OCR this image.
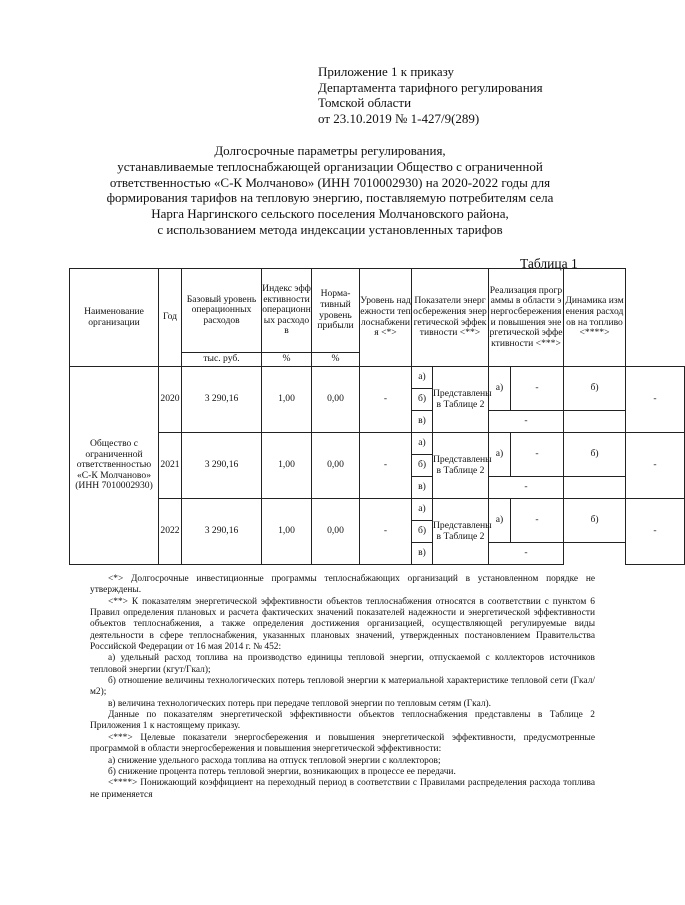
Приложение 1 к приказу
Департамента тарифного регулирования
Томской области
от 23.10.2019 № 1-427/9(289)
Долгосрочные параметры регулирования,
устанавливаемые теплоснабжающей организации Общество с ограниченной
ответственностью «С-К Молчаново» (ИНН 7010002930) на 2020-2022 годы для
формирования тарифов на тепловую энергию, поставляемую потребителям села
Нарга Наргинского сельского поселения Молчановского района,
с использованием метода индексации установленных тарифов
Таблица 1
Наименование организации	Год	Базовый уровень операционных расходов	Индекс эффективности операционных расходов	Норма-тивный уровень прибыли	Уровень надежности теплоснабжения <*>	Показатели энергосбережения энергетической эффективности <**>		Реализация программы в области энергосбережения и повышения энергетической эффективности <***>		Динамика изменения расходов на топливо <****>	
		тыс. руб.	%	%							
Общество с ограниченной ответственностью «С-К Молчаново» (ИНН 7010002930)	2020	3 290,16	1,00	0,00	-	а)	Представлены в Таблице 2	а)	-	б)	-
						б)					
						в)		-			
	2021	3 290,16	1,00	0,00	-	а)	Представлены в Таблице 2	а)	-	б)	-
						б)					
						в)		-			
	2022	3 290,16	1,00	0,00	-	а)	Представлены в Таблице 2	а)	-	б)	-
						б)					
						в)		-			

<*> Долгосрочные инвестиционные программы теплоснабжающих организаций в установленном порядке не утверждены.

<**> К показателям энергетической эффективности объектов теплоснабжения относятся в соответствии с пунктом 6 Правил определения плановых и расчета фактических значений показателей надежности и энергетической эффективности объектов теплоснабжения, а также определения достижения организацией, осуществляющей регулируемые виды деятельности в сфере теплоснабжения, указанных плановых значений, утвержденных постановлением Правительства Российской Федерации от 16 мая 2014 г. № 452:

а) удельный расход топлива на производство единицы тепловой энергии, отпускаемой с коллекторов источников тепловой энергии (кгут/Гкал);

б) отношение величины технологических потерь тепловой энергии к материальной характеристике тепловой сети (Гкал/м2);

в) величина технологических потерь при передаче тепловой энергии по тепловым сетям (Гкал).

Данные по показателям энергетической эффективности объектов теплоснабжения представлены в Таблице 2 Приложения 1 к настоящему приказу.

<***> Целевые показатели энергосбережения и повышения энергетической эффективности, предусмотренные программой в области энергосбережения и повышения энергетической эффективности:

а) снижение удельного расхода топлива на отпуск тепловой энергии с коллекторов;

б) снижение процента потерь тепловой энергии, возникающих в процессе ее передачи.

<****> Понижающий коэффициент на переходный период в соответствии с Правилами распределения расхода топлива не применяется
